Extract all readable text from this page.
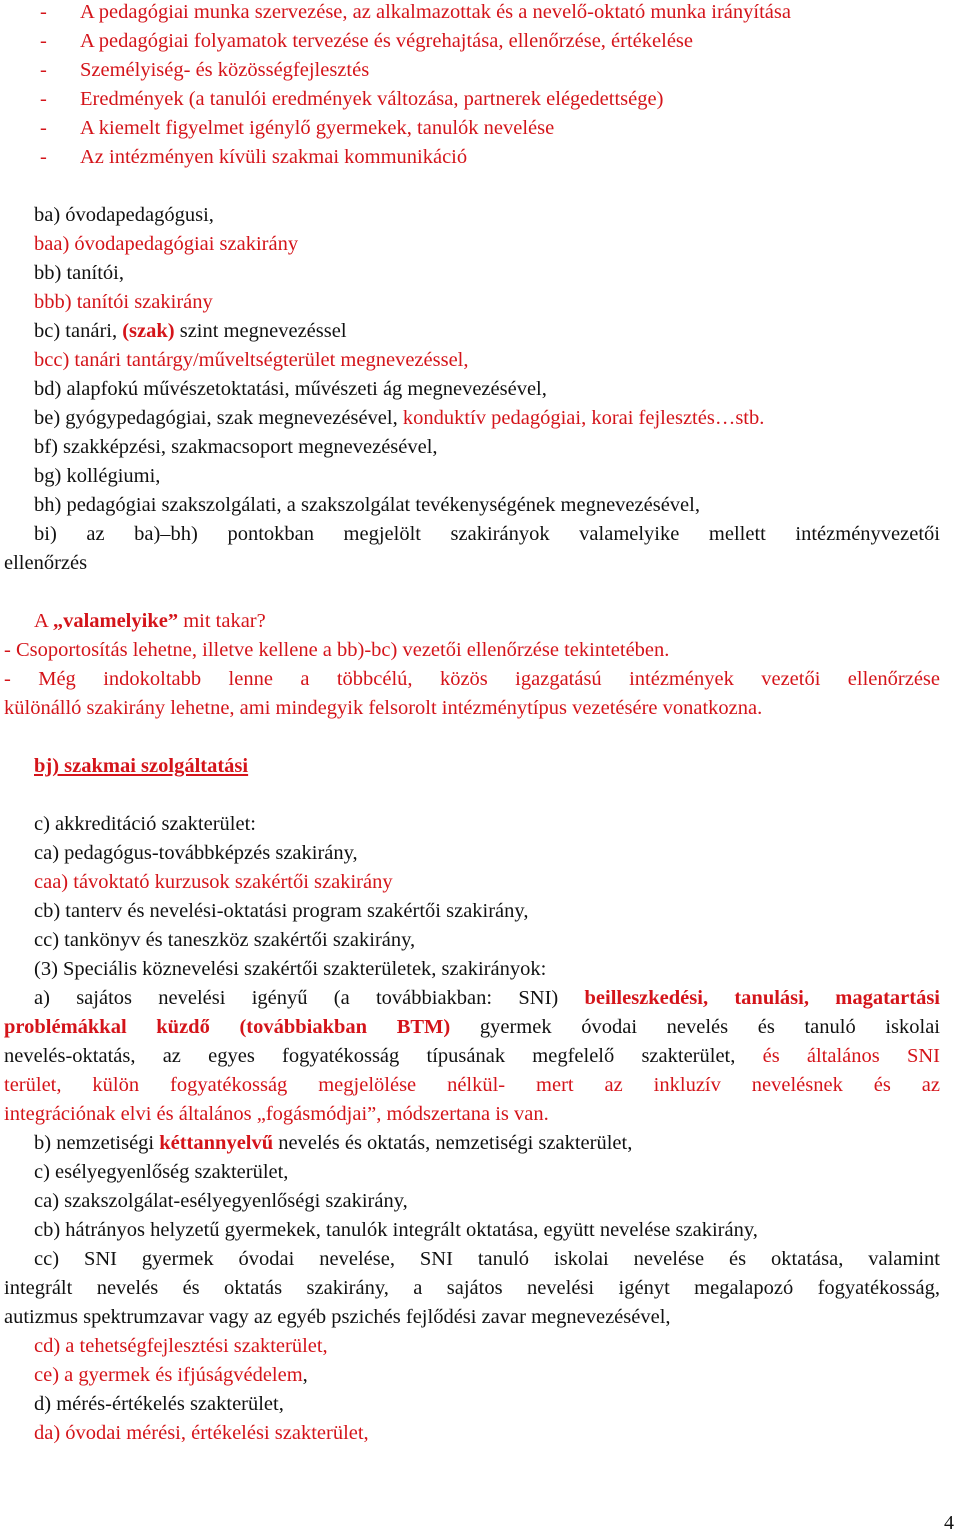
- A pedagógiai munka szervezése, az alkalmazottak és a nevelő-oktató munka irányítása
- A pedagógiai folyamatok tervezése és végrehajtása, ellenőrzése, értékelése
- Személyiség- és közösségfejlesztés
- Eredmények (a tanulói eredmények változása, partnerek elégedettsége)
- A kiemelt figyelmet igénylő gyermekek, tanulók nevelése
- Az intézményen kívüli szakmai kommunikáció
ba) óvodapedagógusi,
baa) óvodapedagógiai szakirány
bb) tanítói,
bbb) tanítói szakirány
bc) tanári, (szak) szint megnevezéssel
bcc) tanári tantárgy/műveltségterület megnevezéssel,
bd) alapfokú művészetoktatási, művészeti ág megnevezésével,
be) gyógypedagógiai, szak megnevezésével, konduktív pedagógiai, korai fejlesztés…stb.
bf) szakképzési, szakmacsoport megnevezésével,
bg) kollégiumi,
bh) pedagógiai szakszolgálati, a szakszolgálat tevékenységének megnevezésével,
bi) az ba)–bh) pontokban megjelölt szakirányok valamelyike mellett intézményvezetői
ellenőrzés
A „valamelyike” mit takar?
- Csoportosítás lehetne, illetve kellene a bb)-bc) vezetői ellenőrzése tekintetében.
- Még indokoltabb lenne a többcélú, közös igazgatású intézmények vezetői ellenőrzése
különálló szakirány lehetne, ami mindegyik felsorolt intézménytípus vezetésére vonatkozna.
bj) szakmai szolgáltatási
c) akkreditáció szakterület:
ca) pedagógus-továbbképzés szakirány,
caa) távoktató kurzusok szakértői szakirány
cb) tanterv és nevelési-oktatási program szakértői szakirány,
cc) tankönyv és taneszköz szakértői szakirány,
(3) Speciális köznevelési szakértői szakterületek, szakirányok:
a) sajátos nevelési igényű (a továbbiakban: SNI) beilleszkedési, tanulási, magatartási
problémákkal küzdő (továbbiakban BTM) gyermek óvodai nevelés és tanuló iskolai
nevelés-oktatás, az egyes fogyatékosság típusának megfelelő szakterület, és általános SNI
terület, külön fogyatékosság megjelölése nélkül- mert az inkluzív nevelésnek és az
integrációnak elvi és általános „fogásmódjai”, módszertana is van.
b) nemzetiségi kéttannyelvű nevelés és oktatás, nemzetiségi szakterület,
c) esélyegyenlőség szakterület,
ca) szakszolgálat-esélyegyenlőségi szakirány,
cb) hátrányos helyzetű gyermekek, tanulók integrált oktatása, együtt nevelése szakirány,
cc) SNI gyermek óvodai nevelése, SNI tanuló iskolai nevelése és oktatása, valamint
integrált nevelés és oktatás szakirány, a sajátos nevelési igényt megalapozó fogyatékosság,
autizmus spektrumzavar vagy az egyéb pszichés fejlődési zavar megnevezésével,
cd) a tehetségfejlesztési szakterület,
ce) a gyermek és ifjúságvédelem,
d) mérés-értékelés szakterület,
da) óvodai mérési, értékelési szakterület,
4
